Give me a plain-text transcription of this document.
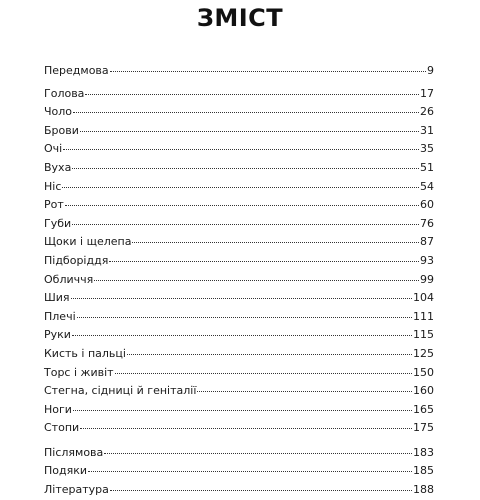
ЗМІСТ
Передмова	9
Голова	17
Чоло	26
Брови	31
Очі	35
Вуха	51
Ніс	54
Рот	60
Губи	76
Щоки і щелепа	87
Підборіддя	93
Обличчя	99
Шия	104
Плечі	111
Руки	115
Кисть і пальці	125
Торс і живіт	150
Стегна, сідниці й геніталії	160
Ноги	165
Стопи	175
Післямова	183
Подяки	185
Література	188
